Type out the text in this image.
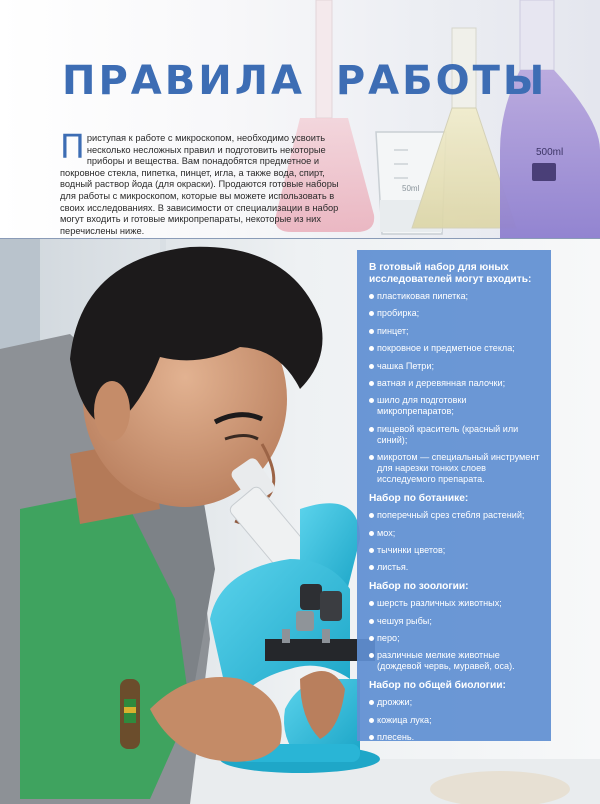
50ml
500ml
ПРАВИЛА РАБОТЫ

Приступая к работе с микроскопом, необходимо усвоить несколько несложных правил и подготовить некоторые приборы и вещества. Вам понадобятся предметное и покровное стекла, пипетка, пинцет, игла, а также вода, спирт, водный раствор йода (для окраски). Продаются готовые наборы для работы с микроскопом, которые вы можете использовать в своих исследованиях. В зависимости от специализации в набор могут входить и готовые микропрепараты, некоторые из них перечислены ниже.

В готовый набор для юных исследователей могут входить:
пластиковая пипетка;
пробирка;
пинцет;
покровное и предметное стекла;
чашка Петри;
ватная и деревянная палочки;
шило для подготовки микропрепаратов;
пищевой краситель (красный или синий);
микротом — специальный инструмент для нарезки тонких слоев исследуемого препарата.
Набор по ботанике:
поперечный срез стебля растений;
мох;
тычинки цветов;
листья.
Набор по зоологии:
шерсть различных животных;
чешуя рыбы;
перо;
различные мелкие животные (дождевой червь, муравей, оса).
Набор по общей биологии:
дрожжи;
кожица лука;
плесень.
